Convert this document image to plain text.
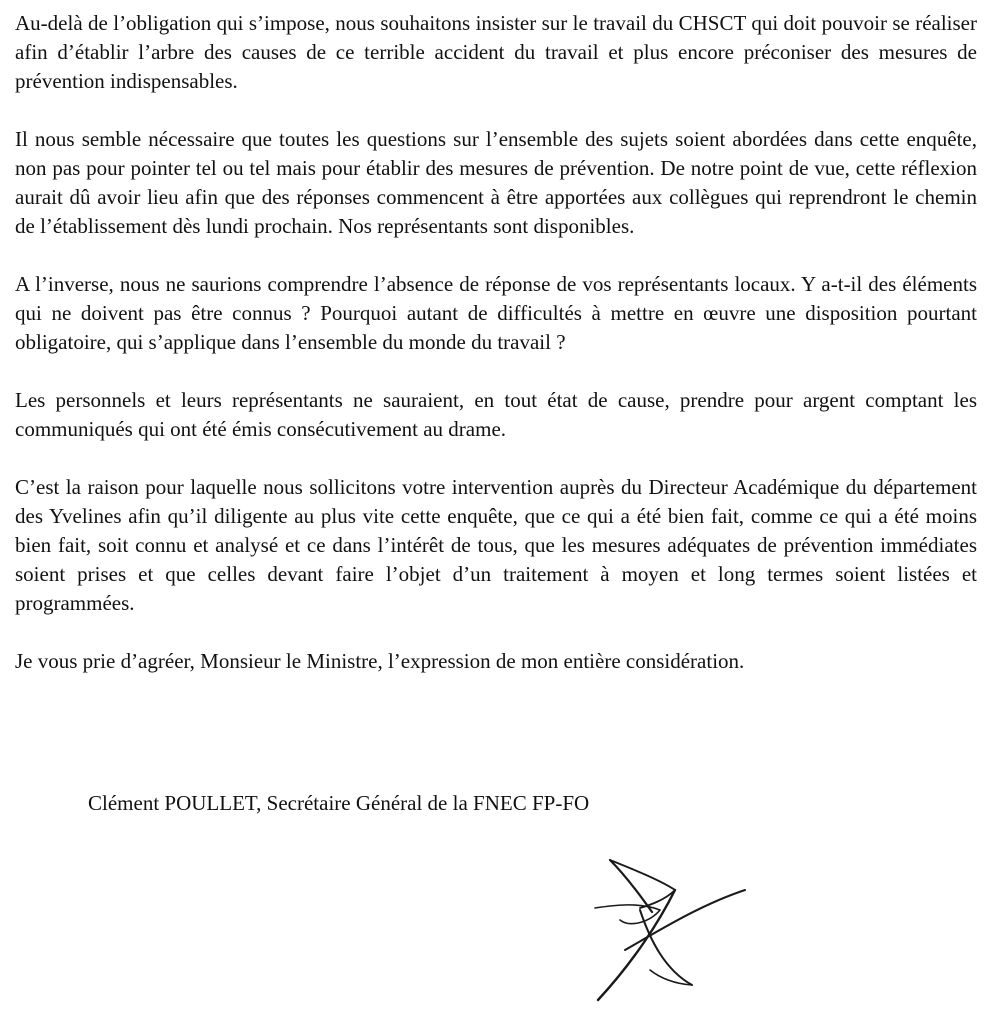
Au-delà de l’obligation qui s’impose, nous souhaitons insister sur le travail du CHSCT qui doit pouvoir se réaliser afin d’établir l’arbre des causes de ce terrible accident du travail et plus encore préconiser des mesures de prévention indispensables.

Il nous semble nécessaire que toutes les questions sur l’ensemble des sujets soient abordées dans cette enquête, non pas pour pointer tel ou tel mais pour établir des mesures de prévention. De notre point de vue, cette réflexion aurait dû avoir lieu afin que des réponses commencent à être apportées aux collègues qui reprendront le chemin de l’établissement dès lundi prochain. Nos représentants sont disponibles.

A l’inverse, nous ne saurions comprendre l’absence de réponse de vos représentants locaux. Y a-t-il des éléments qui ne doivent pas être connus ? Pourquoi autant de difficultés à mettre en œuvre une disposition pourtant obligatoire, qui s’applique dans l’ensemble du monde du travail ?

Les personnels et leurs représentants ne sauraient, en tout état de cause, prendre pour argent comptant les communiqués qui ont été émis consécutivement au drame.

C’est la raison pour laquelle nous sollicitons votre intervention auprès du Directeur Académique du département des Yvelines afin qu’il diligente au plus vite cette enquête, que ce qui a été bien fait, comme ce qui a été moins bien fait, soit connu et analysé et ce dans l’intérêt de tous, que les mesures adéquates de prévention immédiates soient prises et que celles devant faire l’objet d’un traitement à moyen et long termes soient listées et programmées.

Je vous prie d’agréer, Monsieur le Ministre, l’expression de mon entière considération.

Clément POULLET, Secrétaire Général de la FNEC FP-FO
